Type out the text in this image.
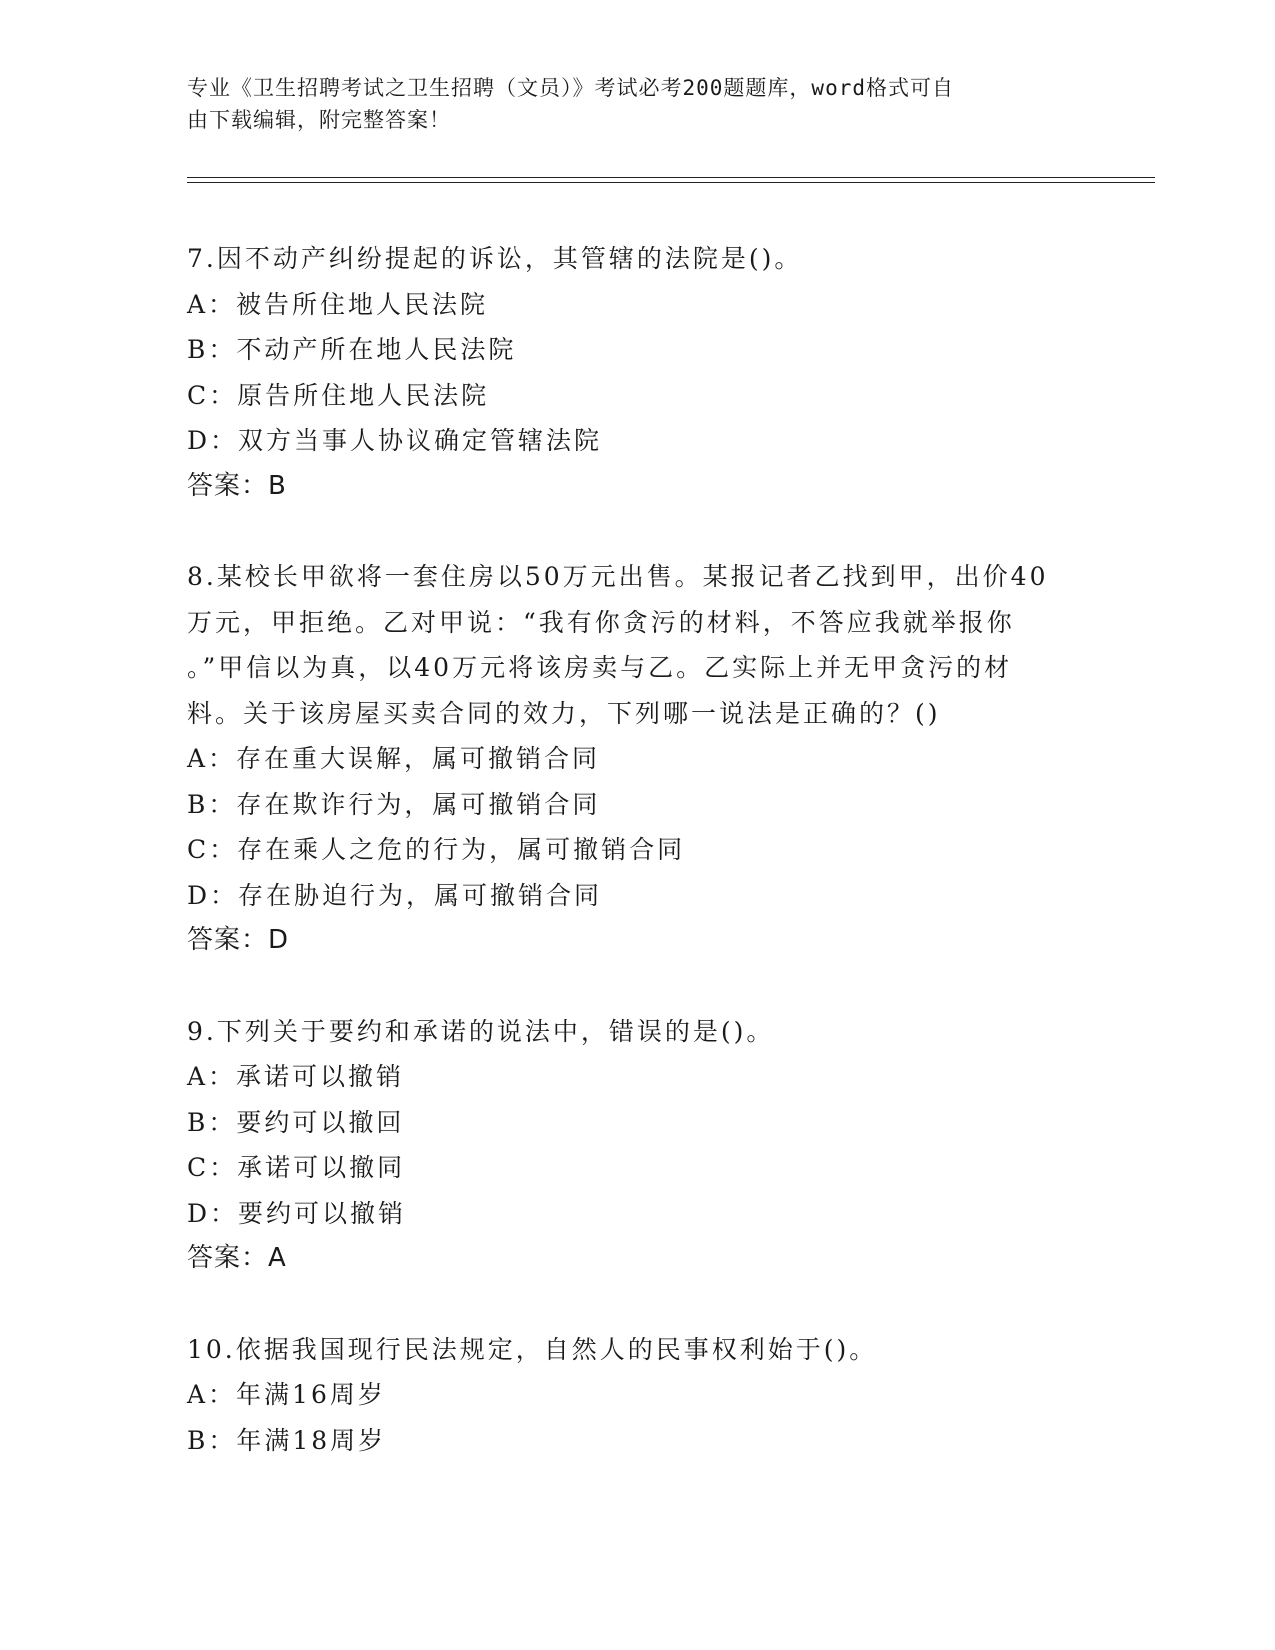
专业《卫生招聘考试之卫生招聘（文员）》考试必考200题题库，word格式可自
由下载编辑，附完整答案！
7.因不动产纠纷提起的诉讼，其管辖的法院是()。
A：被告所住地人民法院
B：不动产所在地人民法院
C：原告所住地人民法院
D：双方当事人协议确定管辖法院
答案：B
8.某校长甲欲将一套住房以50万元出售。某报记者乙找到甲，出价40
万元，甲拒绝。乙对甲说：“我有你贪污的材料，不答应我就举报你
。”甲信以为真，以40万元将该房卖与乙。乙实际上并无甲贪污的材
料。关于该房屋买卖合同的效力，下列哪一说法是正确的？()
A：存在重大误解，属可撤销合同
B：存在欺诈行为，属可撤销合同
C：存在乘人之危的行为，属可撤销合同
D：存在胁迫行为，属可撤销合同
答案：D
9.下列关于要约和承诺的说法中，错误的是()。
A：承诺可以撤销
B：要约可以撤回
C：承诺可以撤同
D：要约可以撤销
答案：A
10.依据我国现行民法规定，自然人的民事权利始于()。
A：年满16周岁
B：年满18周岁
